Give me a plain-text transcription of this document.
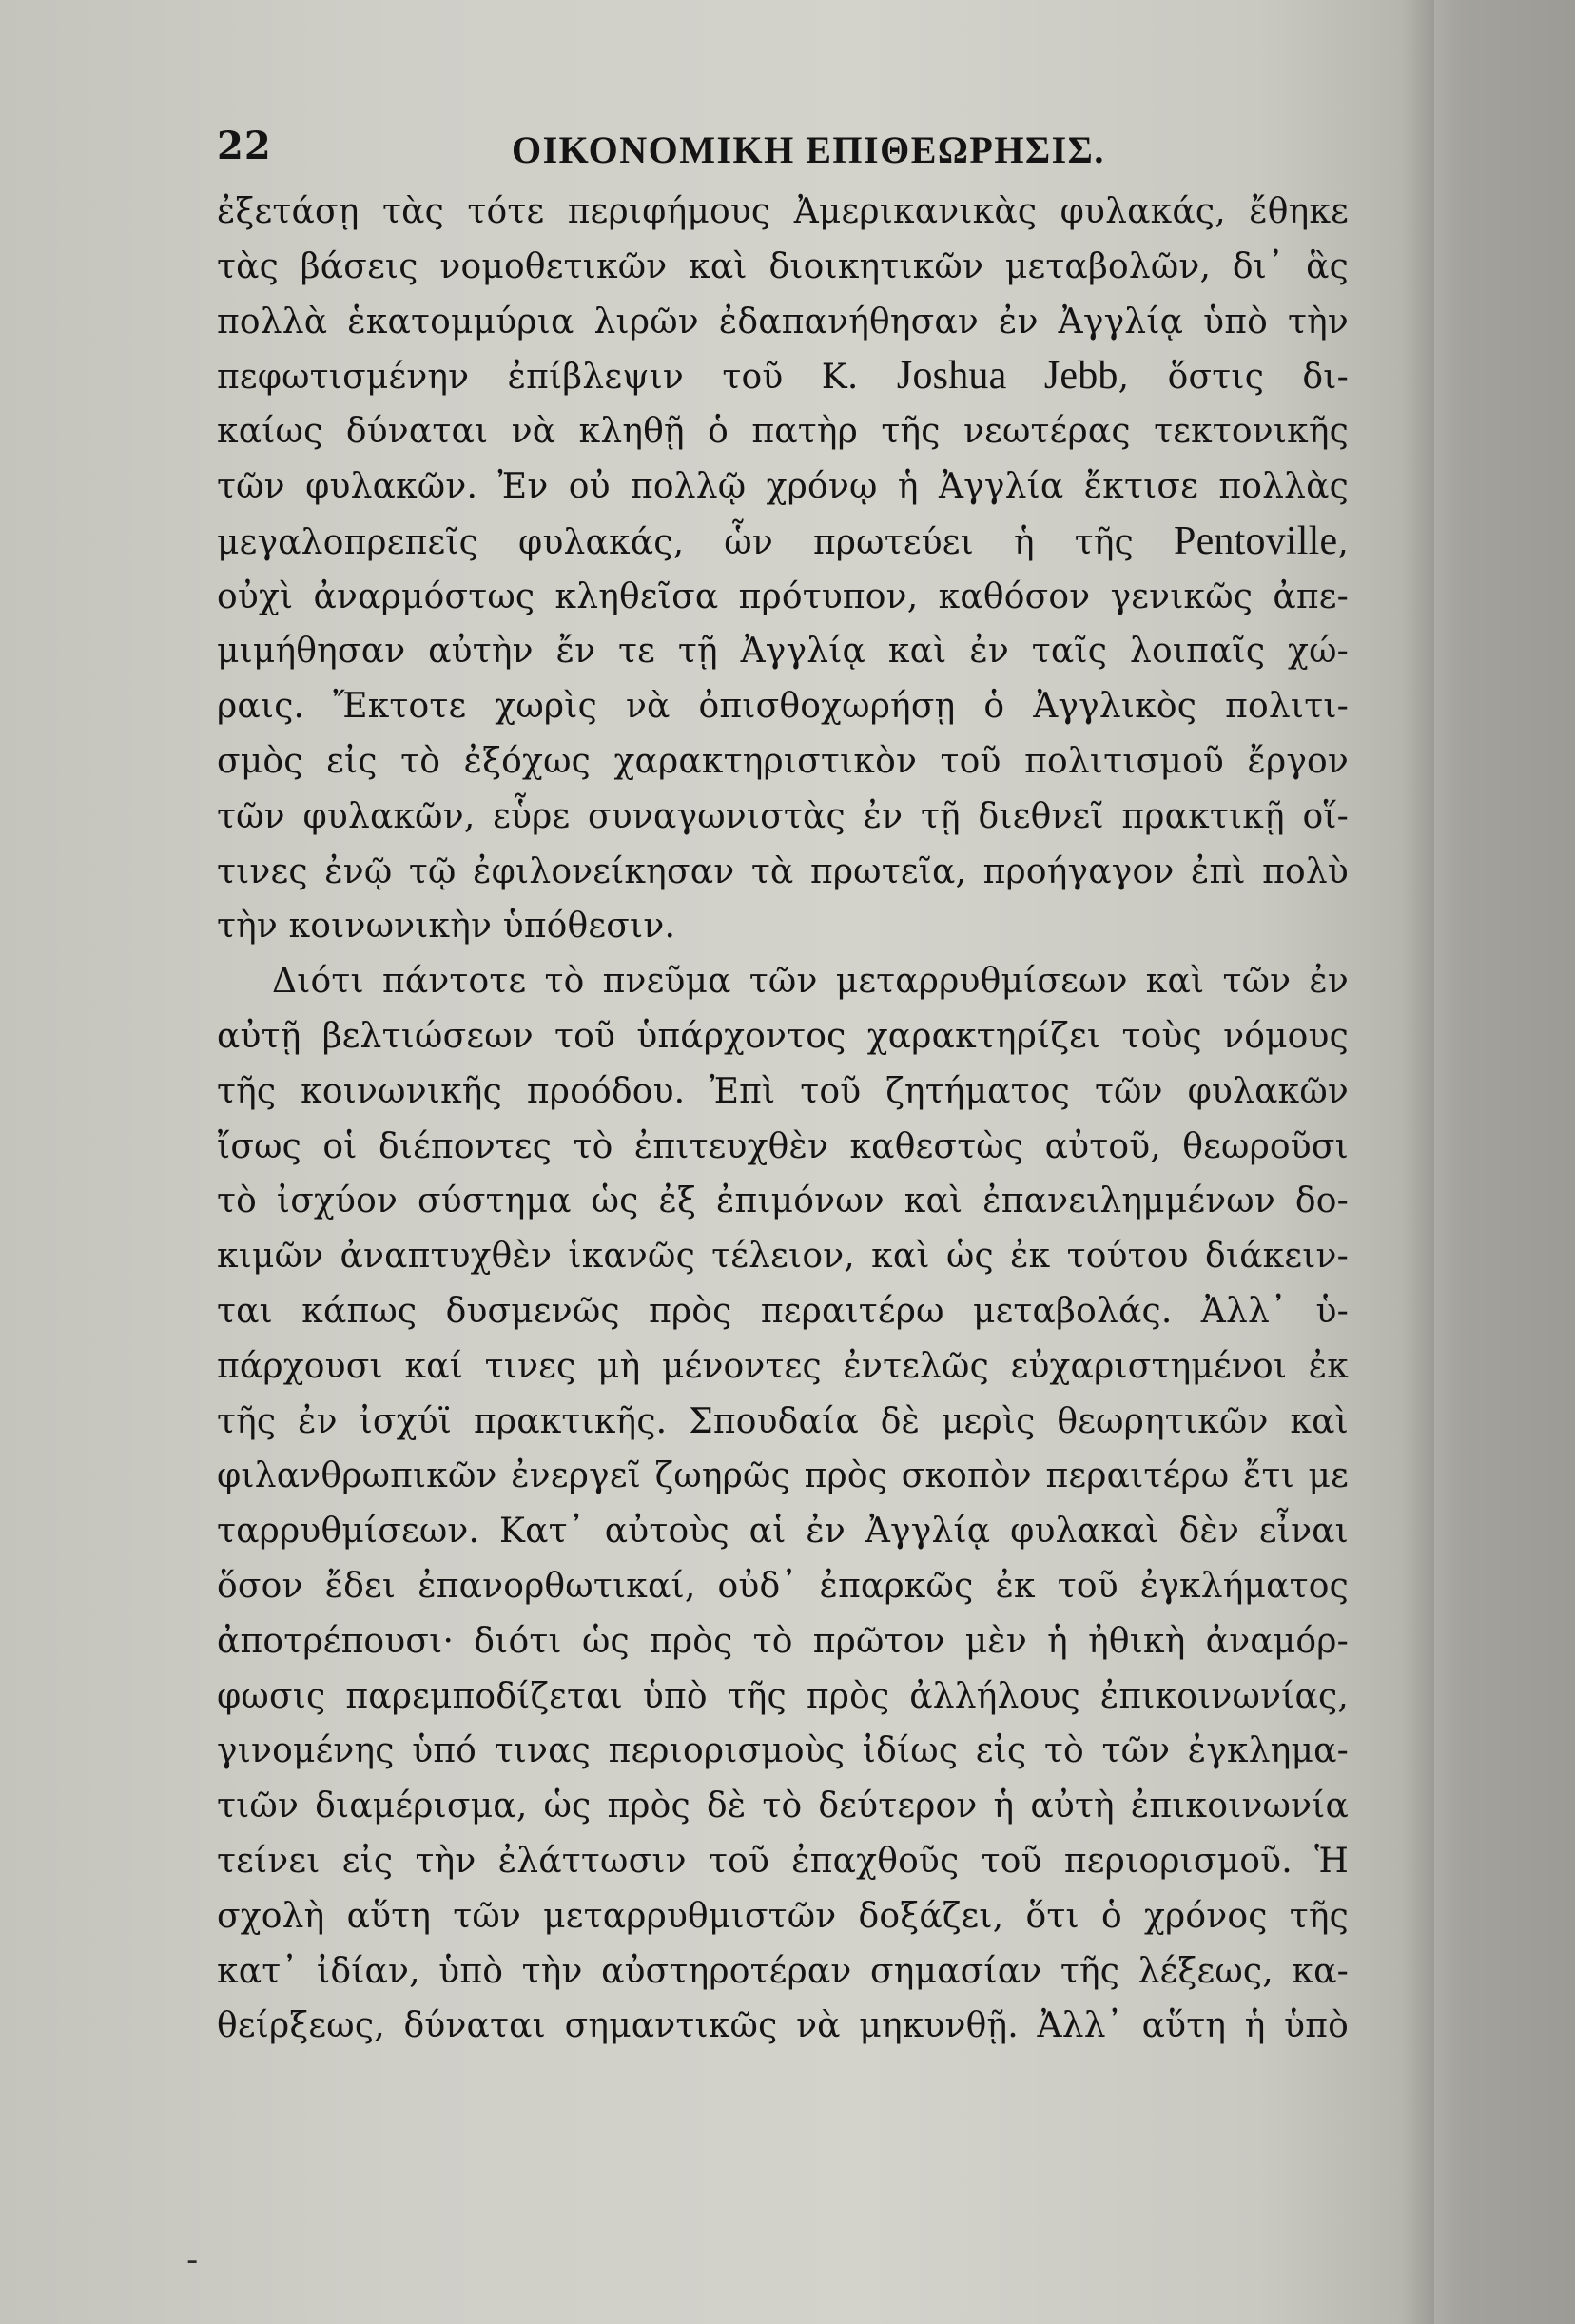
22	ΟΙΚΟΝΟΜΙΚΗ ΕΠΙΘΕΩΡΗΣΙΣ.
ἐξετάσῃ τὰς τότε περιφήμους Ἀμερικανικὰς φυλακάς, ἔθηκε
τὰς βάσεις νομοθετικῶν καὶ διοικητικῶν μεταβολῶν, δι᾽ ἃς
πολλὰ ἑκατομμύρια λιρῶν ἐδαπανήθησαν ἐν Ἀγγλίᾳ ὑπὸ τὴν
πεφωτισμένην ἐπίβλεψιν τοῦ Κ. Joshua Jebb, ὅστις δι-
καίως δύναται νὰ κληθῇ ὁ πατὴρ τῆς νεωτέρας τεκτονικῆς
τῶν φυλακῶν. Ἐν οὐ πολλῷ χρόνῳ ἡ Ἀγγλία ἔκτισε πολλὰς
μεγαλοπρεπεῖς φυλακάς, ὧν πρωτεύει ἡ τῆς Pentoville,
οὐχὶ ἀναρμόστως κληθεῖσα πρότυπον, καθόσον γενικῶς ἀπε-
μιμήθησαν αὐτὴν ἔν τε τῇ Ἀγγλίᾳ καὶ ἐν ταῖς λοιπαῖς χώ-
ραις. Ἔκτοτε χωρὶς νὰ ὀπισθοχωρήσῃ ὁ Ἀγγλικὸς πολιτι-
σμὸς εἰς τὸ ἐξόχως χαρακτηριστικὸν τοῦ πολιτισμοῦ ἔργον
τῶν φυλακῶν, εὗρε συναγωνιστὰς ἐν τῇ διεθνεῖ πρακτικῇ οἵ-
τινες ἐνῷ τῷ ἐφιλονείκησαν τὰ πρωτεῖα, προήγαγον ἐπὶ πολὺ
τὴν κοινωνικὴν ὑπόθεσιν.
Διότι πάντοτε τὸ πνεῦμα τῶν μεταρρυθμίσεων καὶ τῶν ἐν
αὐτῇ βελτιώσεων τοῦ ὑπάρχοντος χαρακτηρίζει τοὺς νόμους
τῆς κοινωνικῆς προόδου. Ἐπὶ τοῦ ζητήματος τῶν φυλακῶν
ἴσως οἱ διέποντες τὸ ἐπιτευχθὲν καθεστὼς αὐτοῦ, θεωροῦσι
τὸ ἰσχύον σύστημα ὡς ἐξ ἐπιμόνων καὶ ἐπανειλημμένων δο-
κιμῶν ἀναπτυχθὲν ἱκανῶς τέλειον, καὶ ὡς ἐκ τούτου διάκειν-
ται κάπως δυσμενῶς πρὸς περαιτέρω μεταβολάς. Ἀλλ᾽ ὑ-
πάρχουσι καί τινες μὴ μένοντες ἐντελῶς εὐχαριστημένοι ἐκ
τῆς ἐν ἰσχύϊ πρακτικῆς. Σπουδαία δὲ μερὶς θεωρητικῶν καὶ
φιλανθρωπικῶν ἐνεργεῖ ζωηρῶς πρὸς σκοπὸν περαιτέρω ἔτι με
ταρρυθμίσεων. Κατ᾽ αὐτοὺς αἱ ἐν Ἀγγλίᾳ φυλακαὶ δὲν εἶναι
ὅσον ἔδει ἐπανορθωτικαί, οὐδ᾽ ἐπαρκῶς ἐκ τοῦ ἐγκλήματος
ἀποτρέπουσι· διότι ὡς πρὸς τὸ πρῶτον μὲν ἡ ἠθικὴ ἀναμόρ-
φωσις παρεμποδίζεται ὑπὸ τῆς πρὸς ἀλλήλους ἐπικοινωνίας,
γινομένης ὑπό τινας περιορισμοὺς ἰδίως εἰς τὸ τῶν ἐγκλημα-
τιῶν διαμέρισμα, ὡς πρὸς δὲ τὸ δεύτερον ἡ αὐτὴ ἐπικοινωνία
τείνει εἰς τὴν ἐλάττωσιν τοῦ ἐπαχθοῦς τοῦ περιορισμοῦ. Ἡ
σχολὴ αὕτη τῶν μεταρρυθμιστῶν δοξάζει, ὅτι ὁ χρόνος τῆς
κατ᾽ ἰδίαν, ὑπὸ τὴν αὐστηροτέραν σημασίαν τῆς λέξεως, κα-
θείρξεως, δύναται σημαντικῶς νὰ μηκυνθῇ. Ἀλλ᾽ αὕτη ἡ ὑπὸ
-
